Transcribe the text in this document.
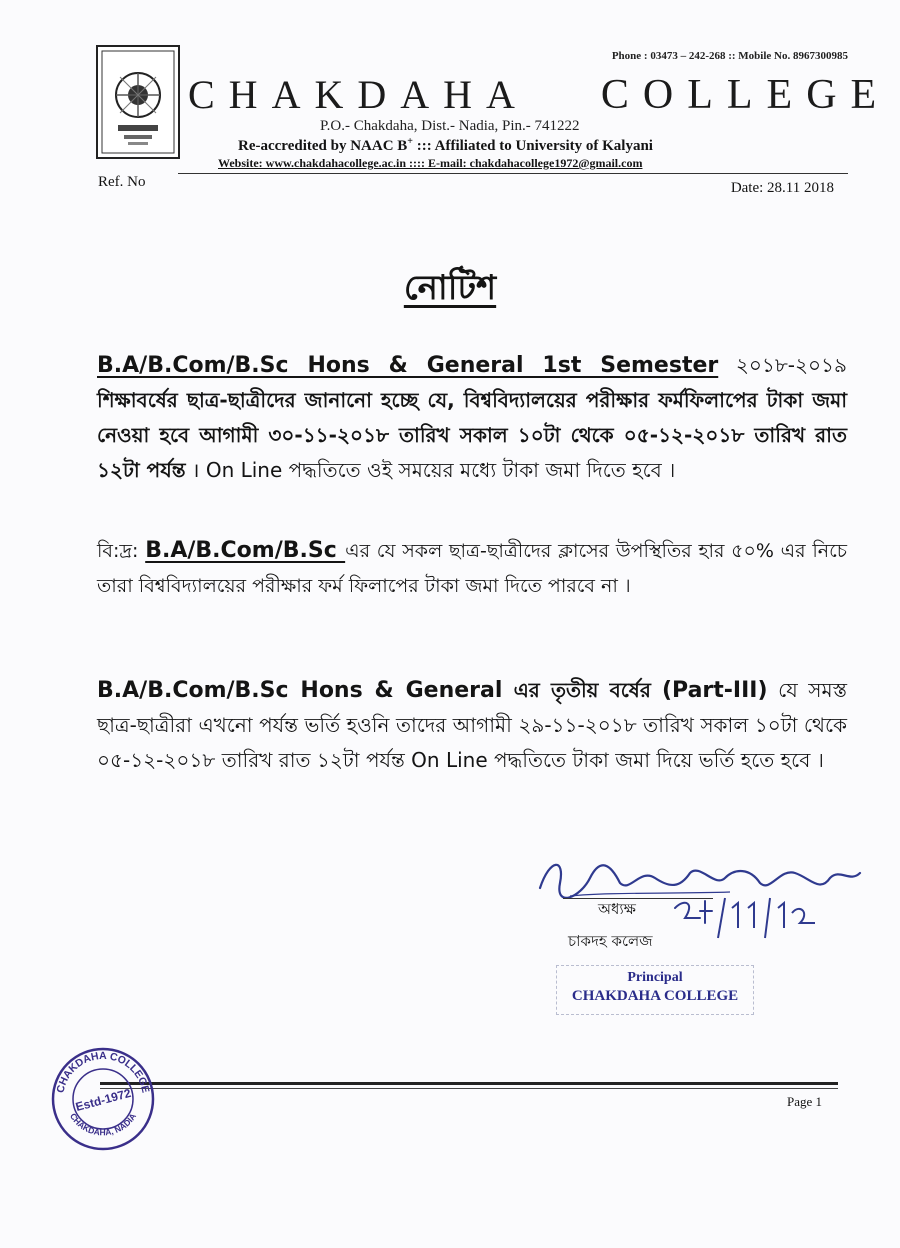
Phone : 03473 – 242-268 :: Mobile No. 8967300985
CHAKDAHA COLLEGE
P.O.- Chakdaha, Dist.- Nadia, Pin.- 741222
Re-accredited by NAAC B+ ::: Affiliated to University of Kalyani
Website: www.chakdahacollege.ac.in :::: E-mail: chakdahacollege1972@gmail.com
Ref. No	Date: 28.11 2018
নোটিশ
B.A/B.Com/B.Sc Hons & General 1st Semester ২০১৮-২০১৯ শিক্ষাবর্ষের ছাত্র-ছাত্রীদের জানানো হচ্ছে যে, বিশ্ববিদ্যালয়ের পরীক্ষার ফর্মফিলাপের টাকা জমা নেওয়া হবে আগামী ৩০-১১-২০১৮ তারিখ সকাল ১০টা থেকে ০৫-১২-২০১৮ তারিখ রাত ১২টা পর্যন্ত । On Line পদ্ধতিতে ওই সময়ের মধ্যে টাকা জমা দিতে হবে ।
বি:দ্র: B.A/B.Com/B.Sc এর যে সকল ছাত্র-ছাত্রীদের ক্লাসের উপস্থিতির হার ৫০% এর নিচে তারা বিশ্ববিদ্যালয়ের পরীক্ষার ফর্ম ফিলাপের টাকা জমা দিতে পারবে না ।
B.A/B.Com/B.Sc Hons & General এর তৃতীয় বর্ষের (Part-III) যে সমস্ত ছাত্র-ছাত্রীরা এখনো পর্যন্ত ভর্তি হওনি তাদের আগামী ২৯-১১-২০১৮ তারিখ সকাল ১০টা থেকে ০৫-১২-২০১৮ তারিখ রাত ১২টা পর্যন্ত On Line পদ্ধতিতে টাকা জমা দিয়ে ভর্তি হতে হবে ।
অধ্যক্ষ
চাকদহ কলেজ
Principal
CHAKDAHA COLLEGE
Page 1
CHAKDAHA COLLEGE
CHAKDAHA, NADIA
Estd-1972
